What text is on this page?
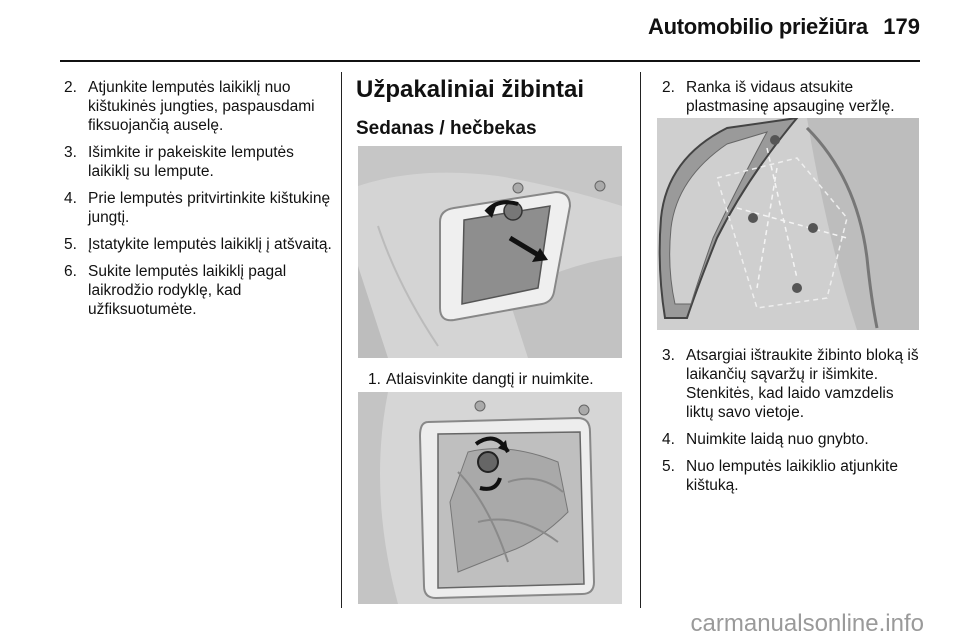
Automobilio priežiūra 179
2. Atjunkite lemputės laikiklį nuo kištukinės jungties, paspausdami fiksuojančią auselę.
3. Išimkite ir pakeiskite lemputės laikiklį su lempute.
4. Prie lemputės pritvirtinkite kištukinę jungtį.
5. Įstatykite lemputės laikiklį į atšvaitą.
6. Sukite lemputės laikiklį pagal laikrodžio rodyklę, kad užfiksuotumėte.
Užpakaliniai žibintai
Sedanas / hečbekas
1. Atlaisvinkite dangtį ir nuimkite.
2. Ranka iš vidaus atsukite plastmasinę apsauginę veržlę.
3. Atsargiai ištraukite žibinto bloką iš laikančių sąvaržų ir išimkite. Stenkitės, kad laido vamzdelis liktų savo vietoje.
4. Nuimkite laidą nuo gnybto.
5. Nuo lemputės laikiklio atjunkite kištuką.
carmanualsonline.info
